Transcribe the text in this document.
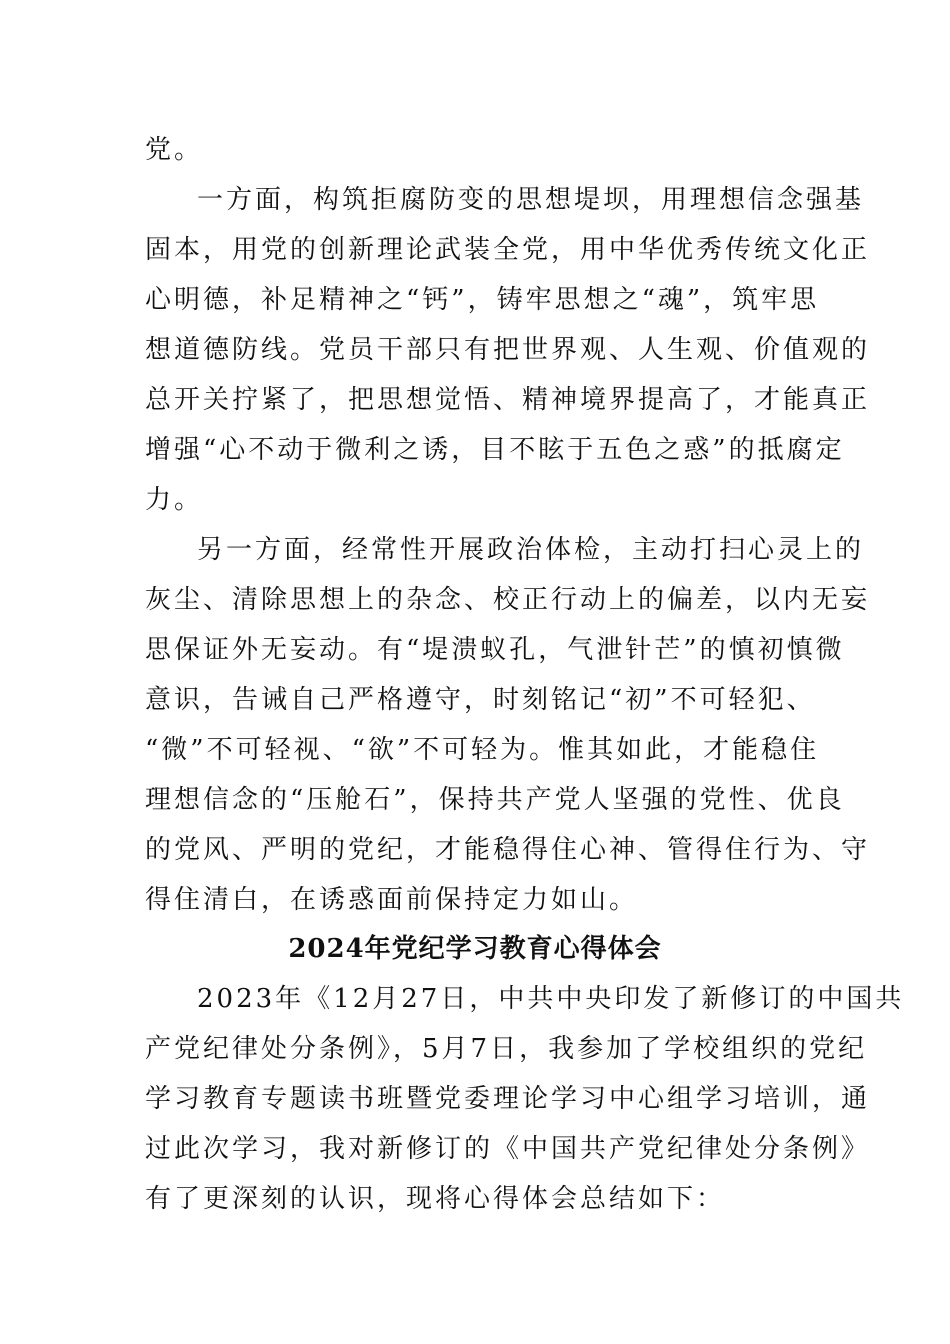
党。
一方面，构筑拒腐防变的思想堤坝，用理想信念强基
固本，用党的创新理论武装全党，用中华优秀传统文化正
心明德，补足精神之“钙”，铸牢思想之“魂”，筑牢思
想道德防线。党员干部只有把世界观、人生观、价值观的
总开关拧紧了，把思想觉悟、精神境界提高了，才能真正
增强“心不动于微利之诱，目不眩于五色之惑”的抵腐定
力。
另一方面，经常性开展政治体检，主动打扫心灵上的
灰尘、清除思想上的杂念、校正行动上的偏差，以内无妄
思保证外无妄动。有“堤溃蚁孔，气泄针芒”的慎初慎微
意识，告诫自己严格遵守，时刻铭记“初”不可轻犯、
“微”不可轻视、“欲”不可轻为。惟其如此，才能稳住
理想信念的“压舱石”，保持共产党人坚强的党性、优良
的党风、严明的党纪，才能稳得住心神、管得住行为、守
得住清白，在诱惑面前保持定力如山。
2024年党纪学习教育心得体会
2023年《12月27日，中共中央印发了新修订的中国共
产党纪律处分条例》，5月7日，我参加了学校组织的党纪
学习教育专题读书班暨党委理论学习中心组学习培训，通
过此次学习，我对新修订的《中国共产党纪律处分条例》
有了更深刻的认识，现将心得体会总结如下：
